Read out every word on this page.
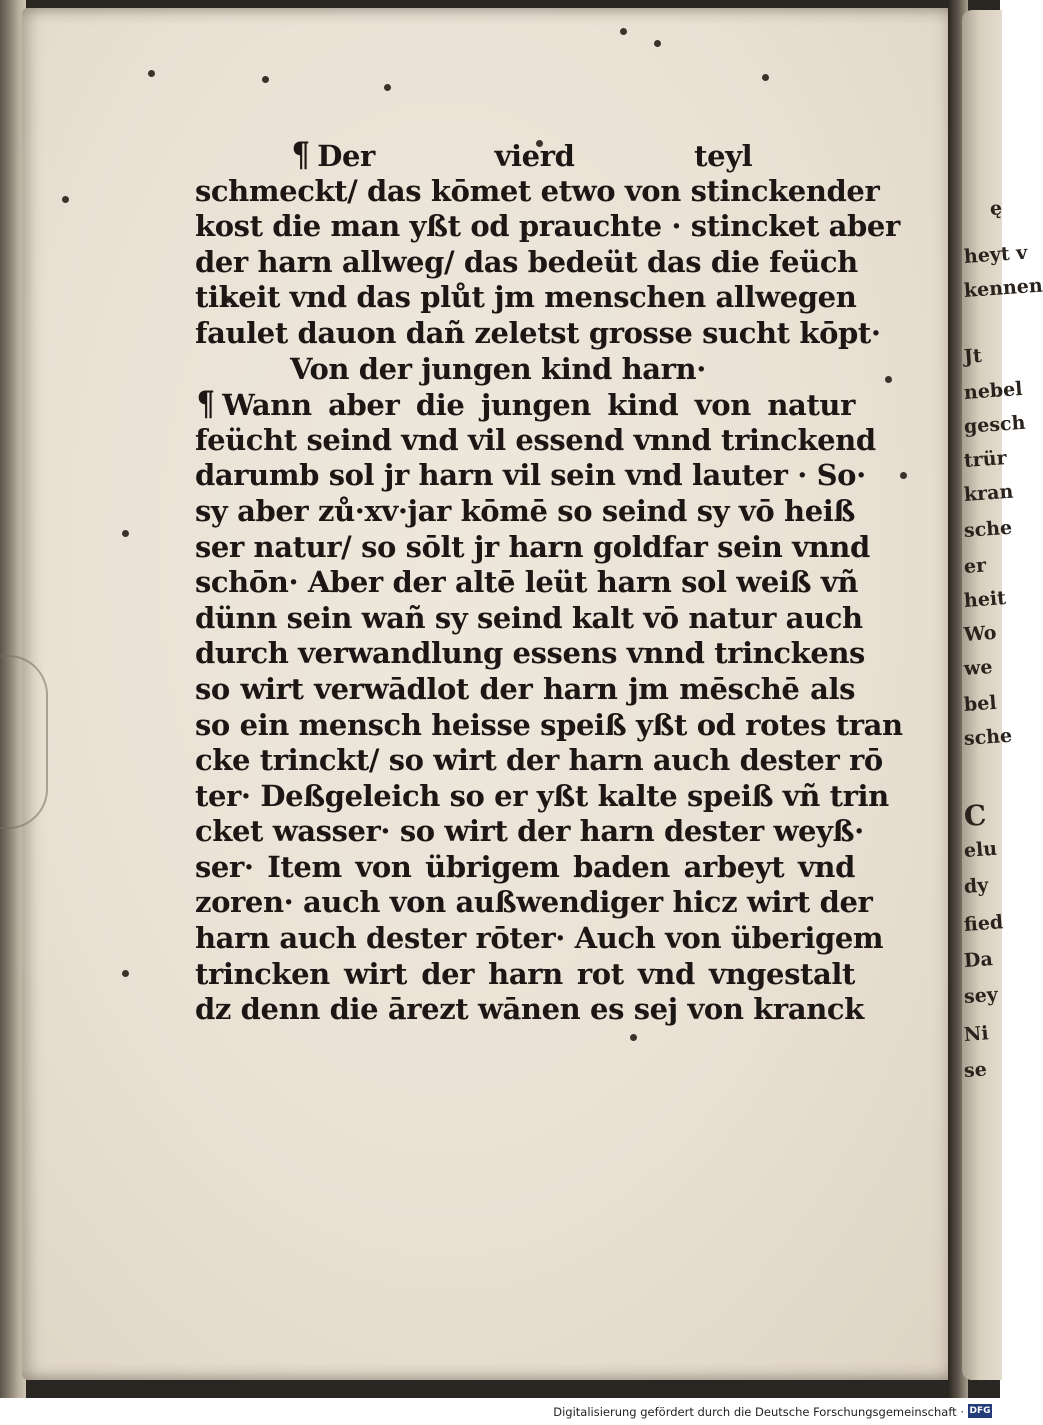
ę
heyt v
kennen
Jt
nebel
gesch
trür
kran
sche
er
heit
Wo
we
bel
sche
C
elu
dy
fied
Da
sey
Ni
se
¶ Der vierd teyl
schmeckt/ das kōmet etwo von stinckender
kost die man yßt od prauchte · stincket aber
der harn allweg/ das bedeüt das die feüch
tikeit vnd das plůt jm menschen allwegen
faulet dauon dañ zeletst grosse sucht kōpt·
Von der jungen kind harn·
¶ Wann aber die jungen kind von natur
feücht seind vnd vil essend vnnd trinckend
darumb sol jr harn vil sein vnd lauter · So·
sy aber zů·xv·jar kōmē so seind sy vō heiß
ser natur/ so sōlt jr harn goldfar sein vnnd
schōn· Aber der altē leüt harn sol weiß vñ
dünn sein wañ sy seind kalt vō natur auch
durch verwandlung essens vnnd trinckens
so wirt verwādlot der harn jm mēschē als
so ein mensch heisse speiß yßt od rotes tran
cke trinckt/ so wirt der harn auch dester rō
ter· Deßgeleich so er yßt kalte speiß vñ trin
cket wasser· so wirt der harn dester weyß·
ser· Item von übrigem baden arbeyt vnd
zoren· auch von außwendiger hicz wirt der
harn auch dester rōter· Auch von überigem
trincken wirt der harn rot vnd vngestalt
dz denn die ārezt wānen es sej von kranck
Digitalisierung gefördert durch die Deutsche Forschungsgemeinschaft · DFG
